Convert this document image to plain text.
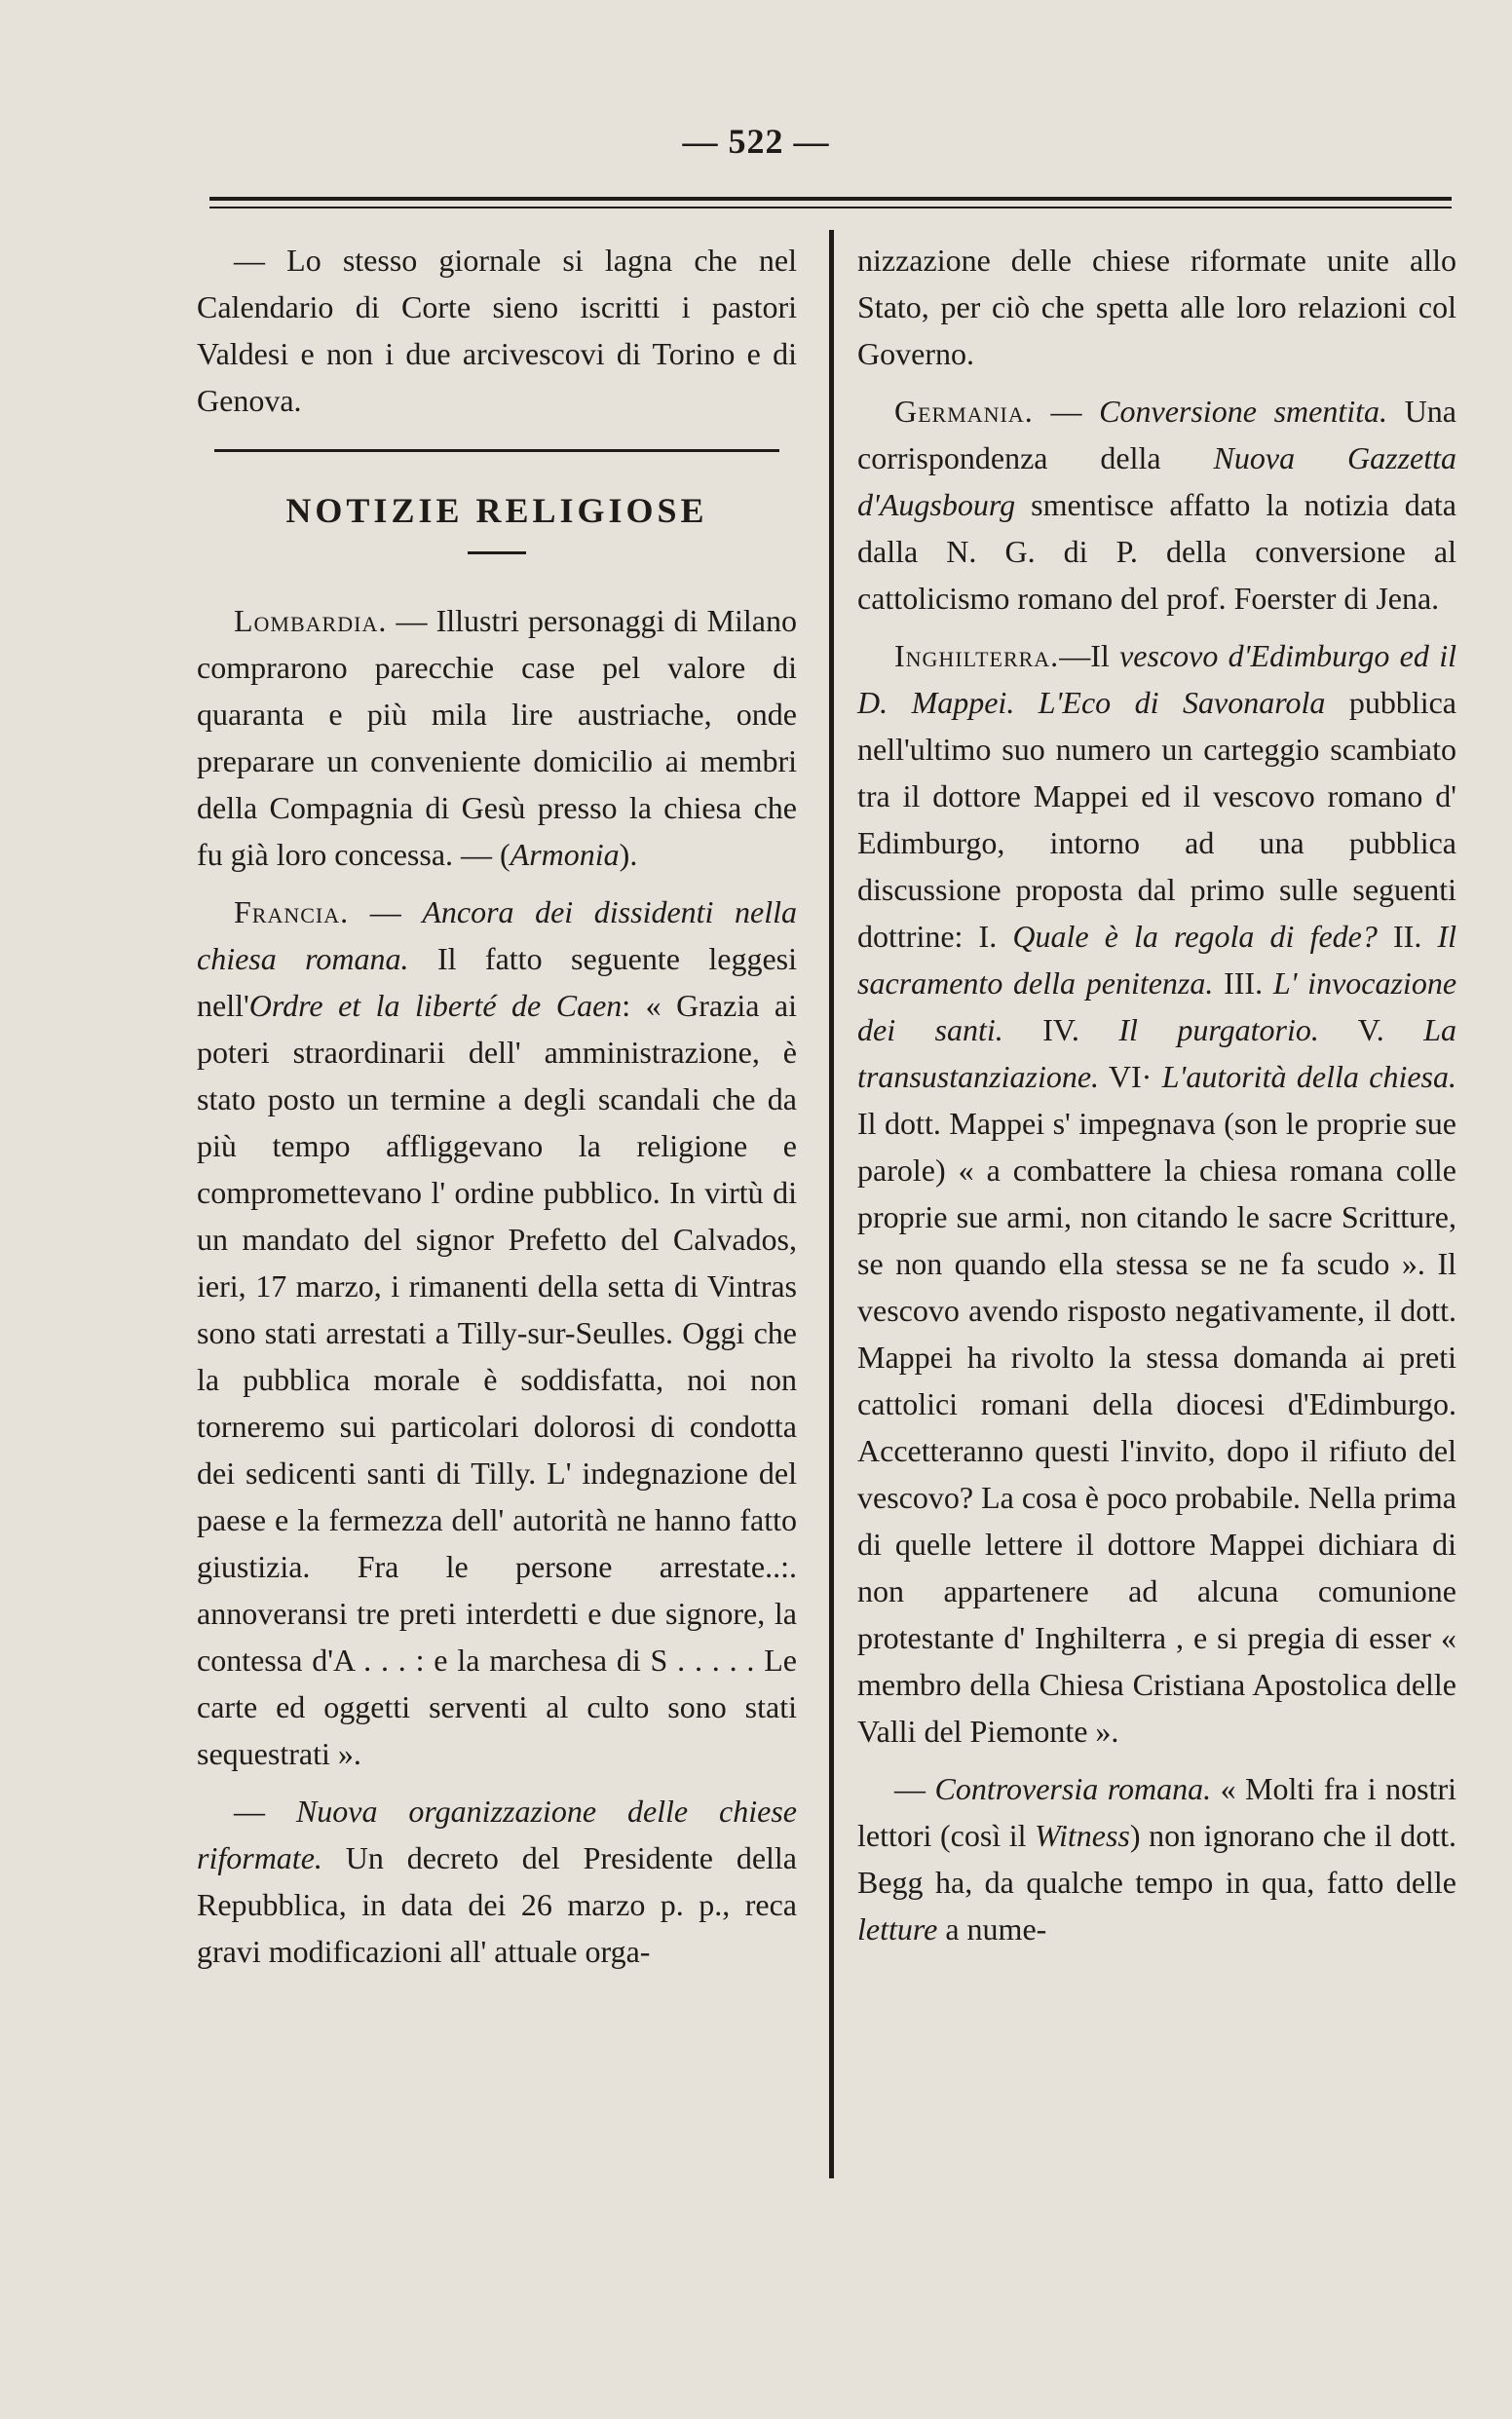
— 522 —

— Lo stesso giornale si lagna che nel Calendario di Corte sieno iscritti i pastori Valdesi e non i due arcivescovi di Torino e di Genova.

NOTIZIE RELIGIOSE

Lombardia. — Illustri personaggi di Milano comprarono parecchie case pel valore di quaranta e più mila lire austriache, onde preparare un conveniente domicilio ai membri della Compagnia di Gesù presso la chiesa che fu già loro concessa. — (Armonia).

Francia. — Ancora dei dissidenti nella chiesa romana. Il fatto seguente leggesi nell'Ordre et la liberté de Caen: « Grazia ai poteri straordinarii dell' amministrazione, è stato posto un termine a degli scandali che da più tempo affliggevano la religione e compromettevano l' ordine pubblico. In virtù di un mandato del signor Prefetto del Calvados, ieri, 17 marzo, i rimanenti della setta di Vintras sono stati arrestati a Tilly-sur-Seulles. Oggi che la pubblica morale è soddisfatta, noi non torneremo sui particolari dolorosi di condotta dei sedicenti santi di Tilly. L' indegnazione del paese e la fermezza dell' autorità ne hanno fatto giustizia. Fra le persone arrestate..:. annoveransi tre preti interdetti e due signore, la contessa d'A . . . : e la marchesa di S . . . . . Le carte ed oggetti serventi al culto sono stati sequestrati ».

— Nuova organizzazione delle chiese riformate. Un decreto del Presidente della Repubblica, in data dei 26 marzo p. p., reca gravi modificazioni all' attuale orga-

nizzazione delle chiese riformate unite allo Stato, per ciò che spetta alle loro relazioni col Governo.

Germania. — Conversione smentita. Una corrispondenza della Nuova Gazzetta d'Augsbourg smentisce affatto la notizia data dalla N. G. di P. della conversione al cattolicismo romano del prof. Foerster di Jena.

Inghilterra.—Il vescovo d'Edimburgo ed il D. Mappei. L'Eco di Savonarola pubblica nell'ultimo suo numero un carteggio scambiato tra il dottore Mappei ed il vescovo romano d' Edimburgo, intorno ad una pubblica discussione proposta dal primo sulle seguenti dottrine: I. Quale è la regola di fede? II. Il sacramento della penitenza. III. L' invocazione dei santi. IV. Il purgatorio. V. La transustanziazione. VI· L'autorità della chiesa. Il dott. Mappei s' impegnava (son le proprie sue parole) « a combattere la chiesa romana colle proprie sue armi, non citando le sacre Scritture, se non quando ella stessa se ne fa scudo ». Il vescovo avendo risposto negativamente, il dott. Mappei ha rivolto la stessa domanda ai preti cattolici romani della diocesi d'Edimburgo. Accetteranno questi l'invito, dopo il rifiuto del vescovo? La cosa è poco probabile. Nella prima di quelle lettere il dottore Mappei dichiara di non appartenere ad alcuna comunione protestante d' Inghilterra , e si pregia di esser « membro della Chiesa Cristiana Apostolica delle Valli del Piemonte ».

— Controversia romana. « Molti fra i nostri lettori (così il Witness) non ignorano che il dott. Begg ha, da qualche tempo in qua, fatto delle letture a nume-
